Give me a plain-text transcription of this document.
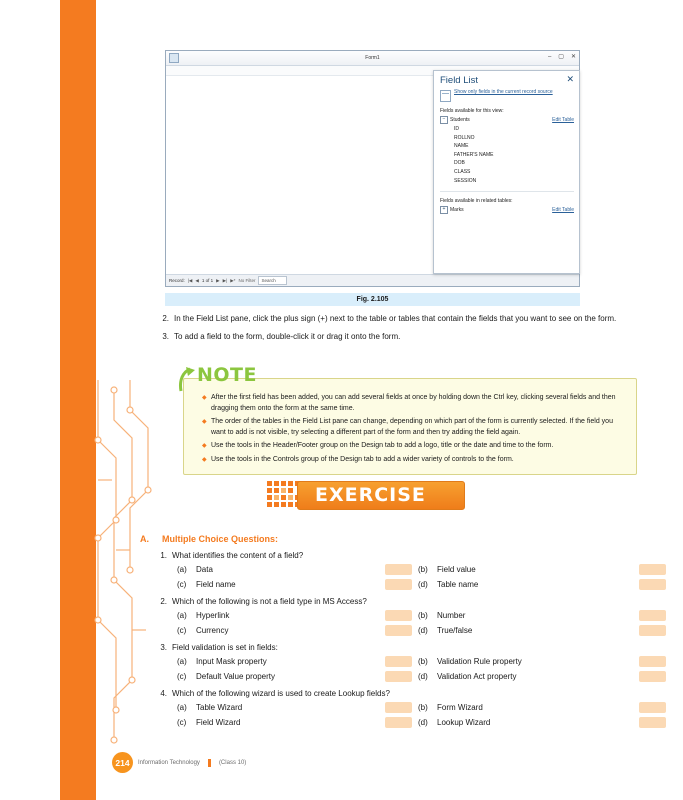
Form1	– ▢ ✕
Record: |◀ ◀ 1 of 1 ▶ ▶| ▶* No Filter	Search
Field List	✕
Show only fields in the current record source
Fields available for this view:
− Students	Edit Table
ID
ROLLNO
NAME
FATHER'S NAME
DOB
CLASS
SESSION
Fields available in related tables:
+ Marks	Edit Table
Fig. 2.105
2. In the Field List pane, click the plus sign (+) next to the table or tables that contain the fields that you want to see on the form.
3. To add a field to the form, double-click it or drag it onto the form.
NOTE
◆ After the first field has been added, you can add several fields at once by holding down the Ctrl key, clicking several fields and then dragging them onto the form at the same time.
◆ The order of the tables in the Field List pane can change, depending on which part of the form is currently selected. If the field you want to add is not visible, try selecting a different part of the form and then try adding the field again.
◆ Use the tools in the Header/Footer group on the Design tab to add a logo, title or the date and time to the form.
◆ Use the tools in the Controls group of the Design tab to add a wider variety of controls to the form.
EXERCISE
A.	Multiple Choice Questions:
1. What identifies the content of a field?
(a)	Data	(b)	Field value
(c)	Field name	(d)	Table name
2. Which of the following is not a field type in MS Access?
(a)	Hyperlink	(b)	Number
(c)	Currency	(d)	True/false
3. Field validation is set in fields:
(a)	Input Mask property	(b)	Validation Rule property
(c)	Default Value property	(d)	Validation Act property
4. Which of the following wizard is used to create Lookup fields?
(a)	Table Wizard	(b)	Form Wizard
(c)	Field Wizard	(d)	Lookup Wizard
214	Information Technology	(Class 10)
